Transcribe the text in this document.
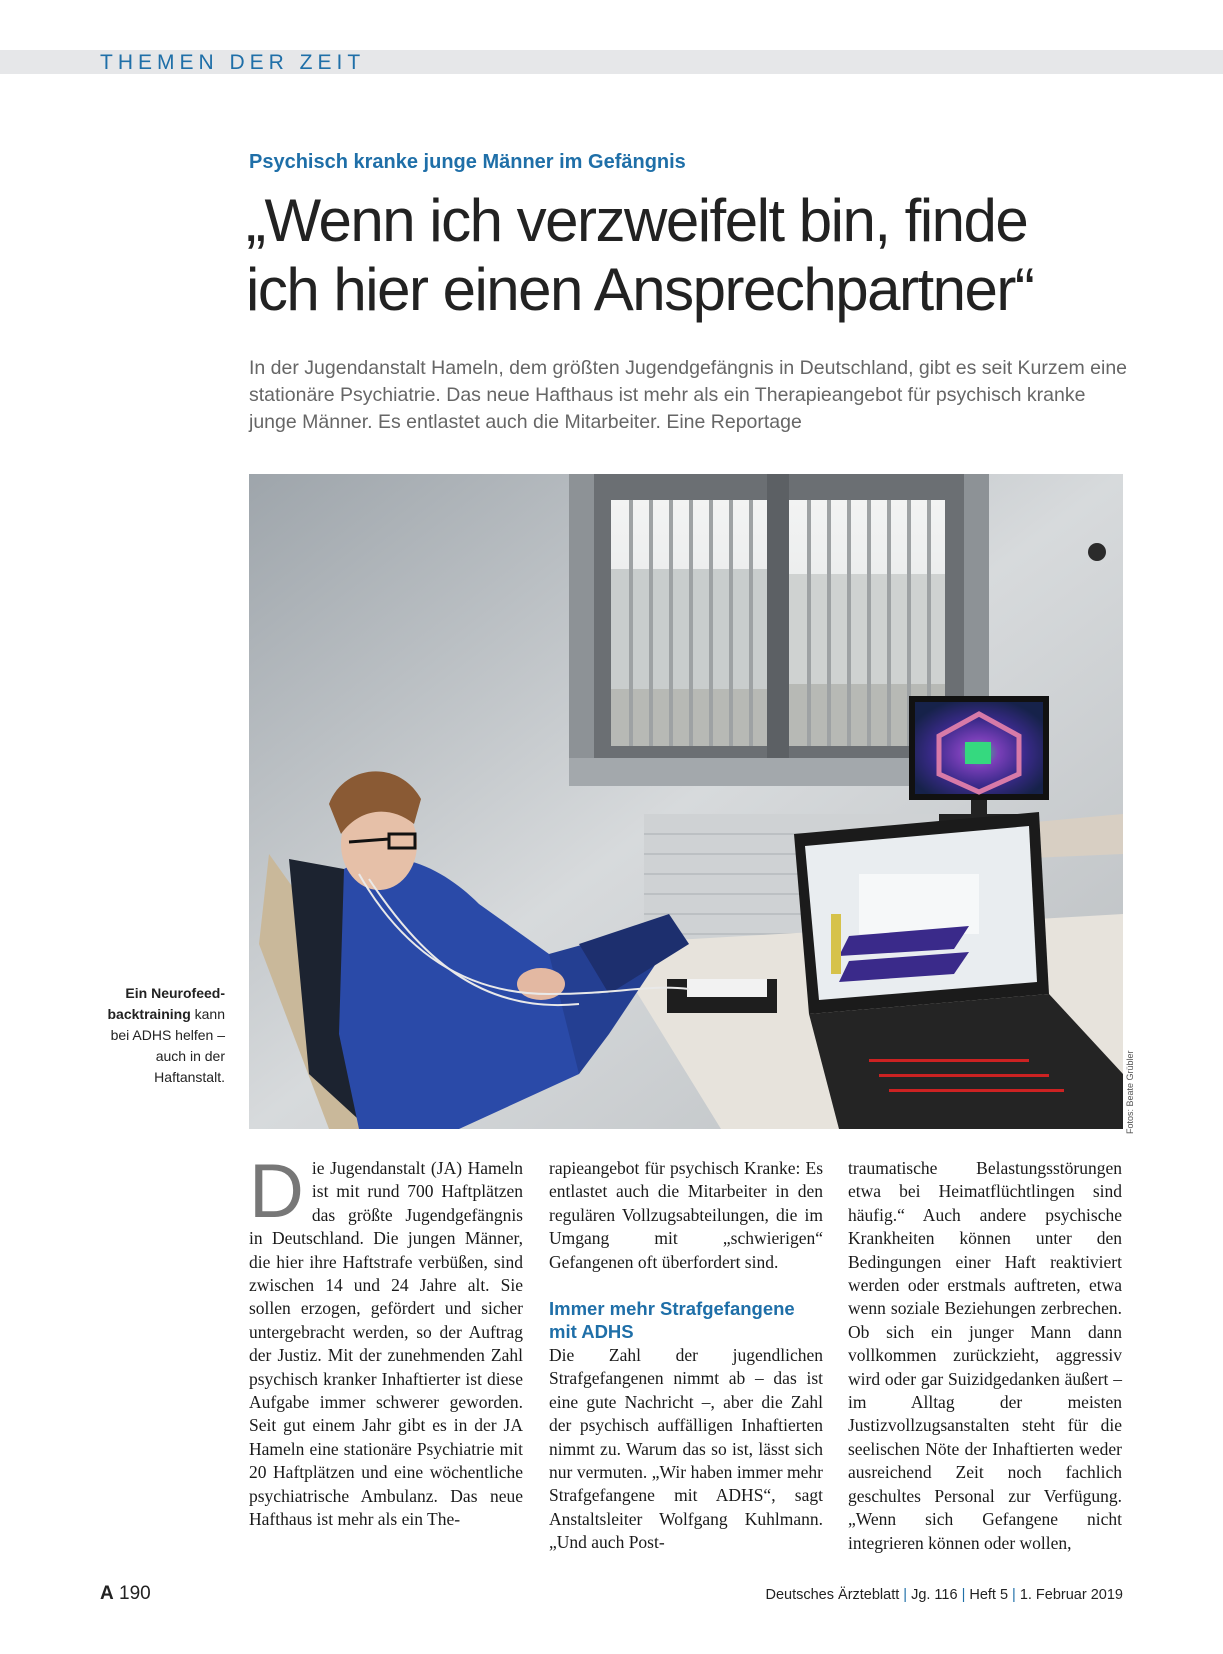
THEMEN DER ZEIT
Psychisch kranke junge Männer im Gefängnis
„Wenn ich verzweifelt bin, finde
ich hier einen Ansprechpartner“
In der Jugendanstalt Hameln, dem größten Jugendgefängnis in Deutschland, gibt es seit Kurzem eine stationäre Psychiatrie. Das neue Hafthaus ist mehr als ein Therapieangebot für psychisch kranke junge Männer. Es entlastet auch die Mitarbeiter. Eine Reportage
Fotos: Beate Grübler
Ein Neurofeedbacktraining kann bei ADHS helfen – auch in der Haftanstalt.
D ie Jugendanstalt (JA) Hameln ist mit rund 700 Haftplätzen das größte Jugendgefängnis in Deutschland. Die jungen Männer, die hier ihre Haftstrafe verbüßen, sind zwischen 14 und 24 Jahre alt. Sie sollen erzogen, gefördert und sicher untergebracht werden, so der Auftrag der Justiz. Mit der zunehmenden Zahl psychisch kranker Inhaftierter ist diese Aufgabe immer schwerer geworden. Seit gut einem Jahr gibt es in der JA Hameln eine stationäre Psychiatrie mit 20 Haftplätzen und eine wöchentliche psychiatrische Ambulanz. Das neue Hafthaus ist mehr als ein The-

rapieangebot für psychisch Kranke: Es entlastet auch die Mitarbeiter in den regulären Vollzugsabteilungen, die im Umgang mit „schwierigen“ Gefangenen oft überfordert sind.

Immer mehr Strafgefangene mit ADHS

Die Zahl der jugendlichen Strafgefangenen nimmt ab – das ist eine gute Nachricht –, aber die Zahl der psychisch auffälligen Inhaftierten nimmt zu. Warum das so ist, lässt sich nur vermuten. „Wir haben immer mehr Strafgefangene mit ADHS“, sagt Anstaltsleiter Wolfgang Kuhlmann. „Und auch Post-

traumatische Belastungsstörungen etwa bei Heimatflüchtlingen sind häufig.“ Auch andere psychische Krankheiten können unter den Bedingungen einer Haft reaktiviert werden oder erstmals auftreten, etwa wenn soziale Beziehungen zerbrechen. Ob sich ein junger Mann dann vollkommen zurückzieht, aggressiv wird oder gar Suizidgedanken äußert – im Alltag der meisten Justizvollzugsanstalten steht für die seelischen Nöte der Inhaftierten weder ausreichend Zeit noch fachlich geschultes Personal zur Verfügung. „Wenn sich Gefangene nicht integrieren können oder wollen,

A 190	Deutsches Ärzteblatt | Jg. 116 | Heft 5 | 1. Februar 2019
